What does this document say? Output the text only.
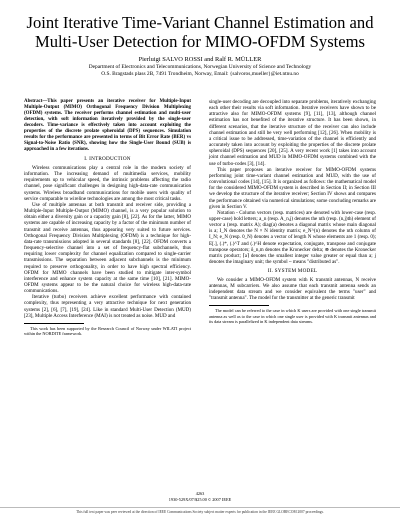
Joint Iterative Time-Variant Channel Estimation and Multi-User Detection for MIMO-OFDM Systems
Pierluigi SALVO ROSSI and Ralf R. MÜLLER
Department of Electronics and Telecommunications, Norwegian University of Science and Technology
O.S. Bragstads plass 2B, 7491 Trondheim, Norway, Email: {salvoros,mueller}@iet.ntnu.no
Abstract—This paper presents an iterative receiver for Multiple-Input Multiple-Output (MIMO) Orthogonal Frequency Division Multiplexing (OFDM) systems. The receiver performs channel estimation and multi-user detection, with soft information iteratively provided by the single-user decoders. Time-variance is effectively taken into account exploiting the properties of the discrete prolate spheroidal (DPS) sequences. Simulation results for the performance are presented in terms of Bit Error Rate (BER) vs Signal-to-Noise Ratio (SNR), showing how the Single-User Bound (SUB) is approached in a few iterations.
I. INTRODUCTION

Wireless communications play a central role in the modern society of information. The increasing demand of multimedia services, mobility requirements up to vehicular speed, the intrinsic problems affecting the radio channel, pose significant challenges in designing high-data-rate communication systems. Wireless broadband communications for mobile users with quality of service comparable to wireline technologies are among the most critical tasks.

Use of multiple antennas at both transmit and receiver side, providing a Multiple-Input Multiple-Output (MIMO) channel, is a very popular solution to obtain either a diversity gain or a capacity gain [8], [22]. As for the latter, MIMO systems are capable of increasing capacity by a factor of the minimum number of transmit and receive antennas, thus appearing very suited to future services. Orthogonal Frequency Division Multiplexing (OFDM) is a technique for high-data-rate transmissions adopted in several standards [8], [22]. OFDM converts a frequency-selective channel into a set of frequency-flat subchannels, thus requiring lower complexity for channel equalization compared to single-carrier transmissions. The separation between adjacent subchannels is the minimum required to preserve orthogonality, in order to have high spectral efficiency. OFDM for MIMO channels have been studied to mitigate inter-symbol interference and enhance system capacity at the same time [10], [21]. MIMO-OFDM systems appear to be the natural choice for wireless high-data-rate communications.

Iterative (turbo) receivers achieve excellent performance with contained complexity, thus representing a very attractive technique for next generation systems [2], [6], [7], [19], [24]. Like in standard Multi-User Detection (MUD) [23], Multiple Access Interference (MAI) is not treated as noise. MUD and

This work has been supported by the Research Council of Norway under WILATI project within the NORDITE framework.

single-user decoding are decoupled into separate problems, iteratively exchanging each other their results via soft information. Iterative receivers have shown to be attractive also for MIMO-OFDM systems [9], [11], [13], although channel estimation has not benefited of the iterative structure. It has been shown, in different scenarios, that the iterative structure of the receiver can also include channel estimation and still be very well performing [12], [26]. When mobility is a critical issue to be addressed, time-variation of the channel is efficiently and accurately taken into account by exploiting the properties of the discrete prolate spheroidal (DPS) sequences [20], [25]. A very recent work [1] takes into account joint channel estimation and MUD in MIMO-OFDM systems combined with the use of turbo-codes [3], [14].

This paper proposes an iterative receiver for MIMO-OFDM systems performing joint time-variant channel estimation and MUD, with the use of convolutional codes [14], [15]. It is organized as follows: the mathematical model for the considered MIMO-OFDM system is described in Section II; in Section III we develop the structure of the iterative receiver; Section IV shows and compares the performance obtained via numerical simulations; some concluding remarks are given in Section V.

Notation - Column vectors (resp. matrices) are denoted with lower-case (resp. upper-case) bold letters; a_n (resp. A_n,j) denotes the nth (resp. (n,j)th) element of vector a (resp. matrix A); diag(a) denotes a diagonal matrix whose main diagonal is a; I_N denotes the N × N identity matrix; e_N^(n) denotes the nth column of I_N; e_N (resp. 0_N) denotes a vector of length N whose elements are 1 (resp. 0); E[.], (.)*, (.)^T and (.)^H denote expectation, conjugate, transpose and conjugate transpose operators; δ_n,m denotes the Kronecker delta; ⊗ denotes the Kronecker matrix product; ⌈a⌉ denotes the smallest integer value greater or equal than a; j denotes the imaginary unit; the symbol ~ means "distributed as".

II. SYSTEM MODEL

We consider a MIMO-OFDM system with K transmit antennas, N receive antennas, M subcarriers. We also assume that each transmit antenna sends an independent data stream and we consider equivalent the terms "user" and "transmit antenna". The model for the transmitter at the generic transmit

The model can be referred to the case in which K users are provided with one single transmit antenna as well as to the case in which one single user is provided with K transmit antennas and its data stream is parallelized in K independent data streams.

4263
1930-529X/07/$25.00 © 2007 IEEE
This full text paper was peer reviewed at the direction of IEEE Communications Society subject matter experts for publication in the IEEE GLOBECOM 2007 proceedings.
